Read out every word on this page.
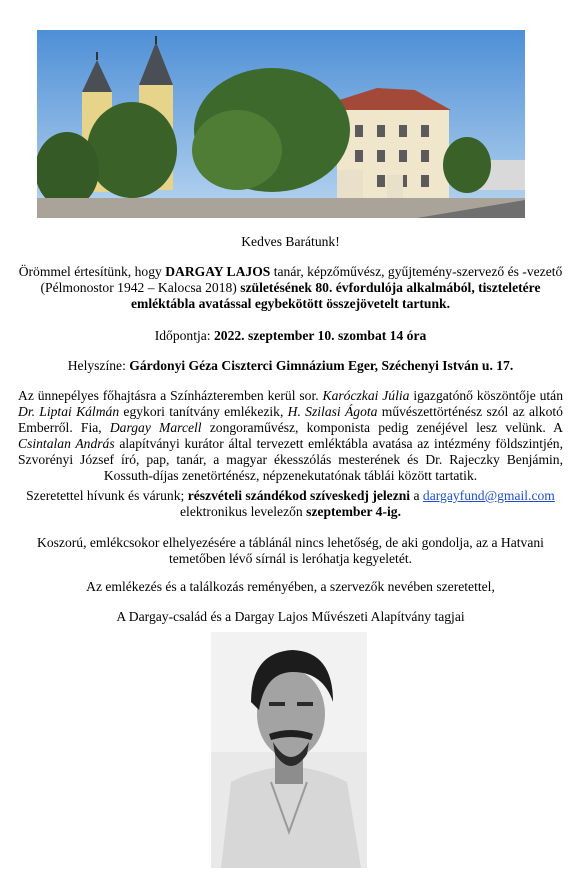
Kedves Barátunk!

Örömmel értesítünk, hogy DARGAY LAJOS tanár, képzőművész, gyűjtemény-szervező és -vezető (Pélmonostor 1942 – Kalocsa 2018) születésének 80. évfordulója alkalmából, tiszteletére emléktábla avatással egybekötött összejövetelt tartunk.

Időpontja: 2022. szeptember 10. szombat 14 óra

Helyszíne: Gárdonyi Géza Ciszterci Gimnázium Eger, Széchenyi István u. 17.

Az ünnepélyes főhajtásra a Színházteremben kerül sor. Karóczkai Júlia igazgatónő köszöntője után Dr. Liptai Kálmán egykori tanítvány emlékezik, H. Szilasi Ágota művészettörténész szól az alkotó Emberről. Fia, Dargay Marcell zongoraművész, komponista pedig zenéjével lesz velünk. A Csintalan András alapítványi kurátor által tervezett emléktábla avatása az intézmény földszintjén, Szvorényi József író, pap, tanár, a magyar ékesszólás mesterének és Dr. Rajeczky Benjámin, Kossuth-díjas zenetörténész, népzenekutatónak táblái között tartatik.

Szeretettel hívunk és várunk; részvételi szándékod szíveskedj jelezni a dargayfund@gmail.com elektronikus levelezőn szeptember 4-ig.

Koszorú, emlékcsokor elhelyezésére a táblánál nincs lehetőség, de aki gondolja, az a Hatvani temetőben lévő sírnál is leróhatja kegyeletét.

Az emlékezés és a találkozás reményében, a szervezők nevében szeretettel,

A Dargay-család és a Dargay Lajos Művészeti Alapítvány tagjai
